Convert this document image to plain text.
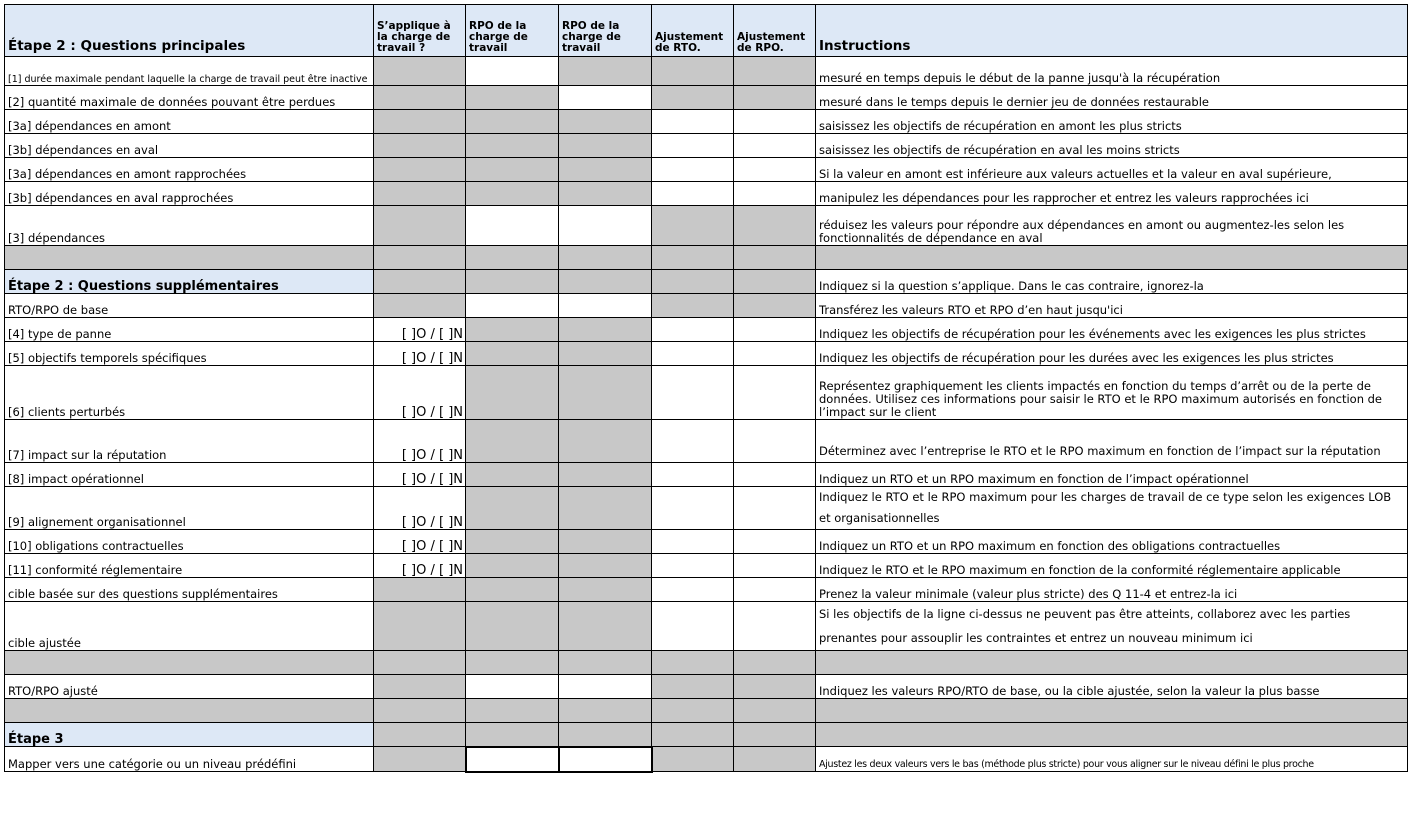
Étape 2 : Questions principales	S’applique à la charge de travail ?	RPO de la charge de travail	RPO de la charge de travail	Ajustement de RTO.	Ajustement de RPO.	Instructions
[1] durée maximale pendant laquelle la charge de travail peut être inactive						mesuré en temps depuis le début de la panne jusqu'à la récupération
[2] quantité maximale de données pouvant être perdues						mesuré dans le temps depuis le dernier jeu de données restaurable
[3a] dépendances en amont						saisissez les objectifs de récupération en amont les plus stricts
[3b] dépendances en aval						saisissez les objectifs de récupération en aval les moins stricts
[3a] dépendances en amont rapprochées						Si la valeur en amont est inférieure aux valeurs actuelles et la valeur en aval supérieure,
[3b] dépendances en aval rapprochées						manipulez les dépendances pour les rapprocher et entrez les valeurs rapprochées ici
[3] dépendances						réduisez les valeurs pour répondre aux dépendances en amont ou augmentez-les selon les fonctionnalités de dépendance en aval

Étape 2 : Questions supplémentaires						Indiquez si la question s’applique. Dans le cas contraire, ignorez-la
RTO/RPO de base						Transférez les valeurs RTO et RPO d’en haut jusqu'ici
[4] type de panne	[ ]O / [ ]N					Indiquez les objectifs de récupération pour les événements avec les exigences les plus strictes
[5] objectifs temporels spécifiques	[ ]O / [ ]N					Indiquez les objectifs de récupération pour les durées avec les exigences les plus strictes
[6] clients perturbés	[ ]O / [ ]N					Représentez graphiquement les clients impactés en fonction du temps d’arrêt ou de la perte de données. Utilisez ces informations pour saisir le RTO et le RPO maximum autorisés en fonction de l’impact sur le client
[7] impact sur la réputation	[ ]O / [ ]N					Déterminez avec l’entreprise le RTO et le RPO maximum en fonction de l’impact sur la réputation
[8] impact opérationnel	[ ]O / [ ]N					Indiquez un RTO et un RPO maximum en fonction de l’impact opérationnel
[9] alignement organisationnel	[ ]O / [ ]N					Indiquez le RTO et le RPO maximum pour les charges de travail de ce type selon les exigences LOB et organisationnelles
[10] obligations contractuelles	[ ]O / [ ]N					Indiquez un RTO et un RPO maximum en fonction des obligations contractuelles
[11] conformité réglementaire	[ ]O / [ ]N					Indiquez le RTO et le RPO maximum en fonction de la conformité réglementaire applicable
cible basée sur des questions supplémentaires						Prenez la valeur minimale (valeur plus stricte) des Q 11-4 et entrez-la ici
cible ajustée						Si les objectifs de la ligne ci-dessus ne peuvent pas être atteints, collaborez avec les parties prenantes pour assouplir les contraintes et entrez un nouveau minimum ici

RTO/RPO ajusté						Indiquez les valeurs RPO/RTO de base, ou la cible ajustée, selon la valeur la plus basse

Étape 3						
Mapper vers une catégorie ou un niveau prédéfini						Ajustez les deux valeurs vers le bas (méthode plus stricte) pour vous aligner sur le niveau défini le plus proche
